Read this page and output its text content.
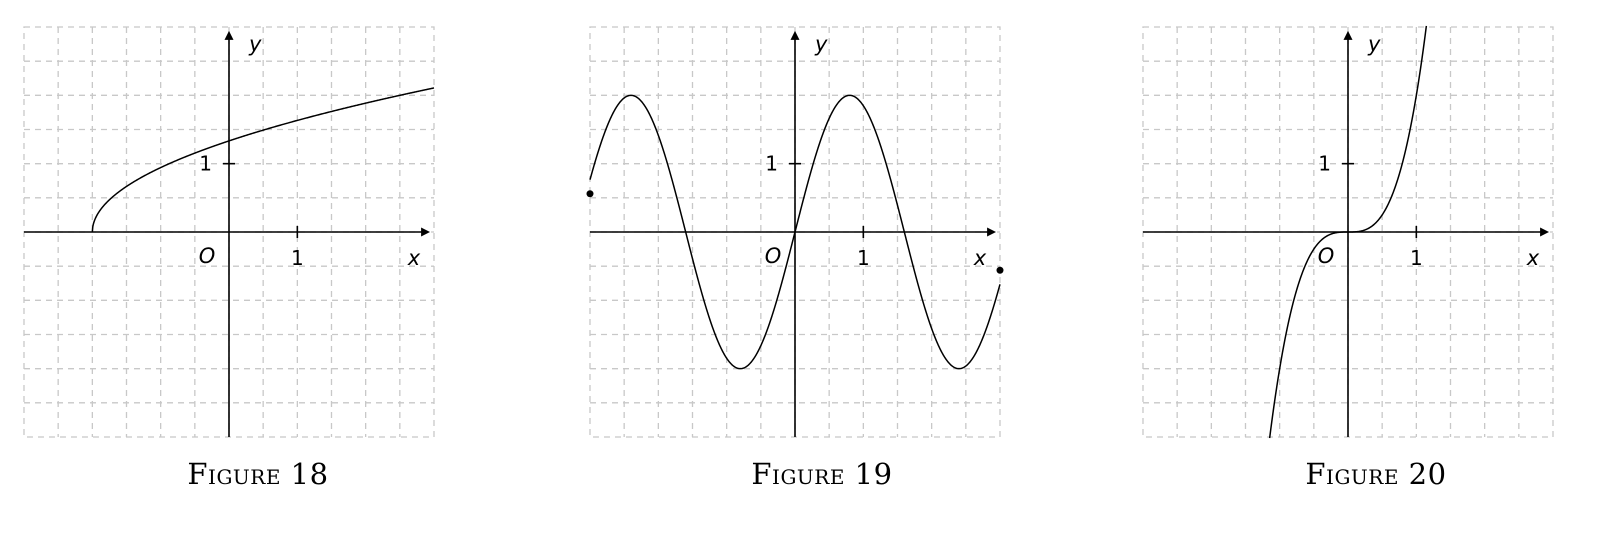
y
x
O	1
1
Figure 18
y
x
O	1
1
Figure 19
y
x
O	1
1
Figure 20
